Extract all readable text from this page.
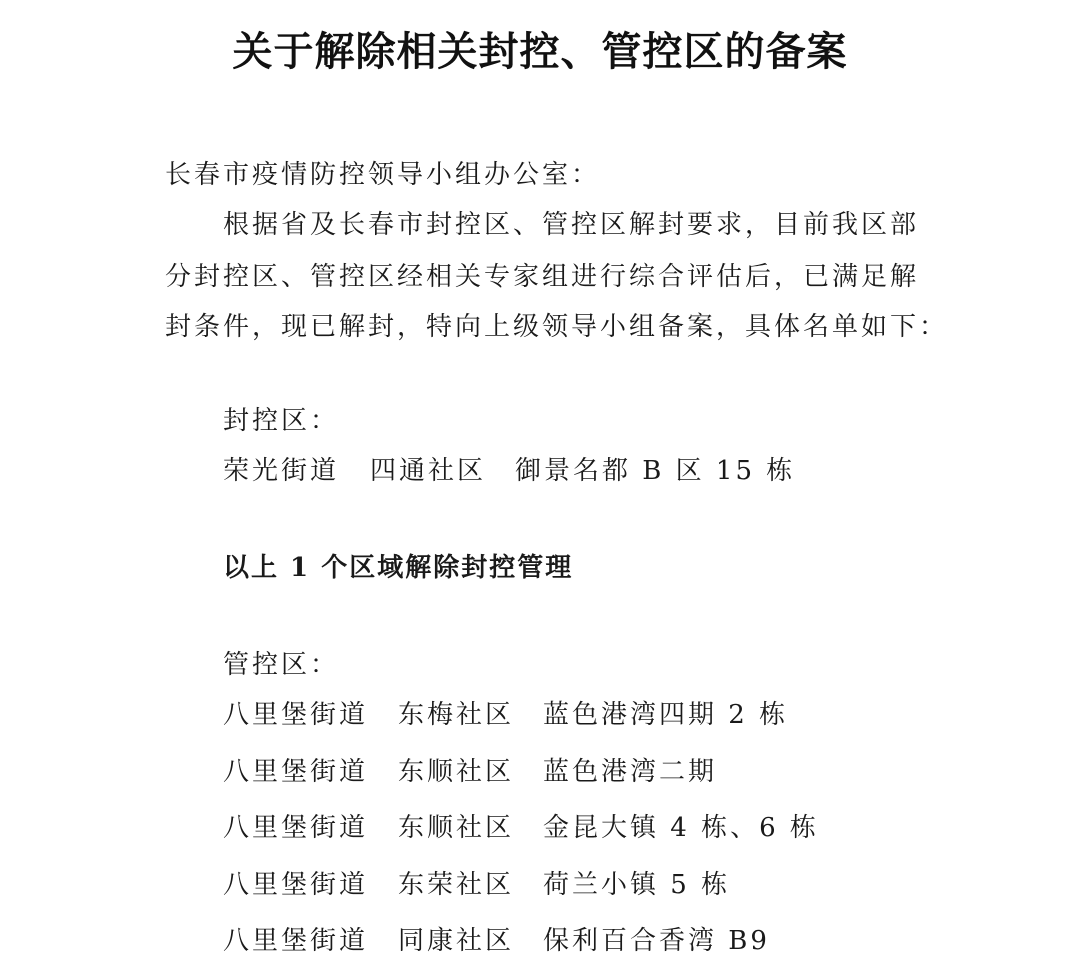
关于解除相关封控、管控区的备案
长春市疫情防控领导小组办公室：
根据省及长春市封控区、管控区解封要求，目前我区部
分封控区、管控区经相关专家组进行综合评估后，已满足解
封条件，现已解封，特向上级领导小组备案，具体名单如下：
封控区：
荣光街道	四通社区	御景名都 B 区 15 栋
以上 1 个区域解除封控管理
管控区：
八里堡街道	东梅社区	蓝色港湾四期 2 栋
八里堡街道	东顺社区	蓝色港湾二期
八里堡街道	东顺社区	金昆大镇 4 栋、6 栋
八里堡街道	东荣社区	荷兰小镇 5 栋
八里堡街道	同康社区	保利百合香湾 B9
